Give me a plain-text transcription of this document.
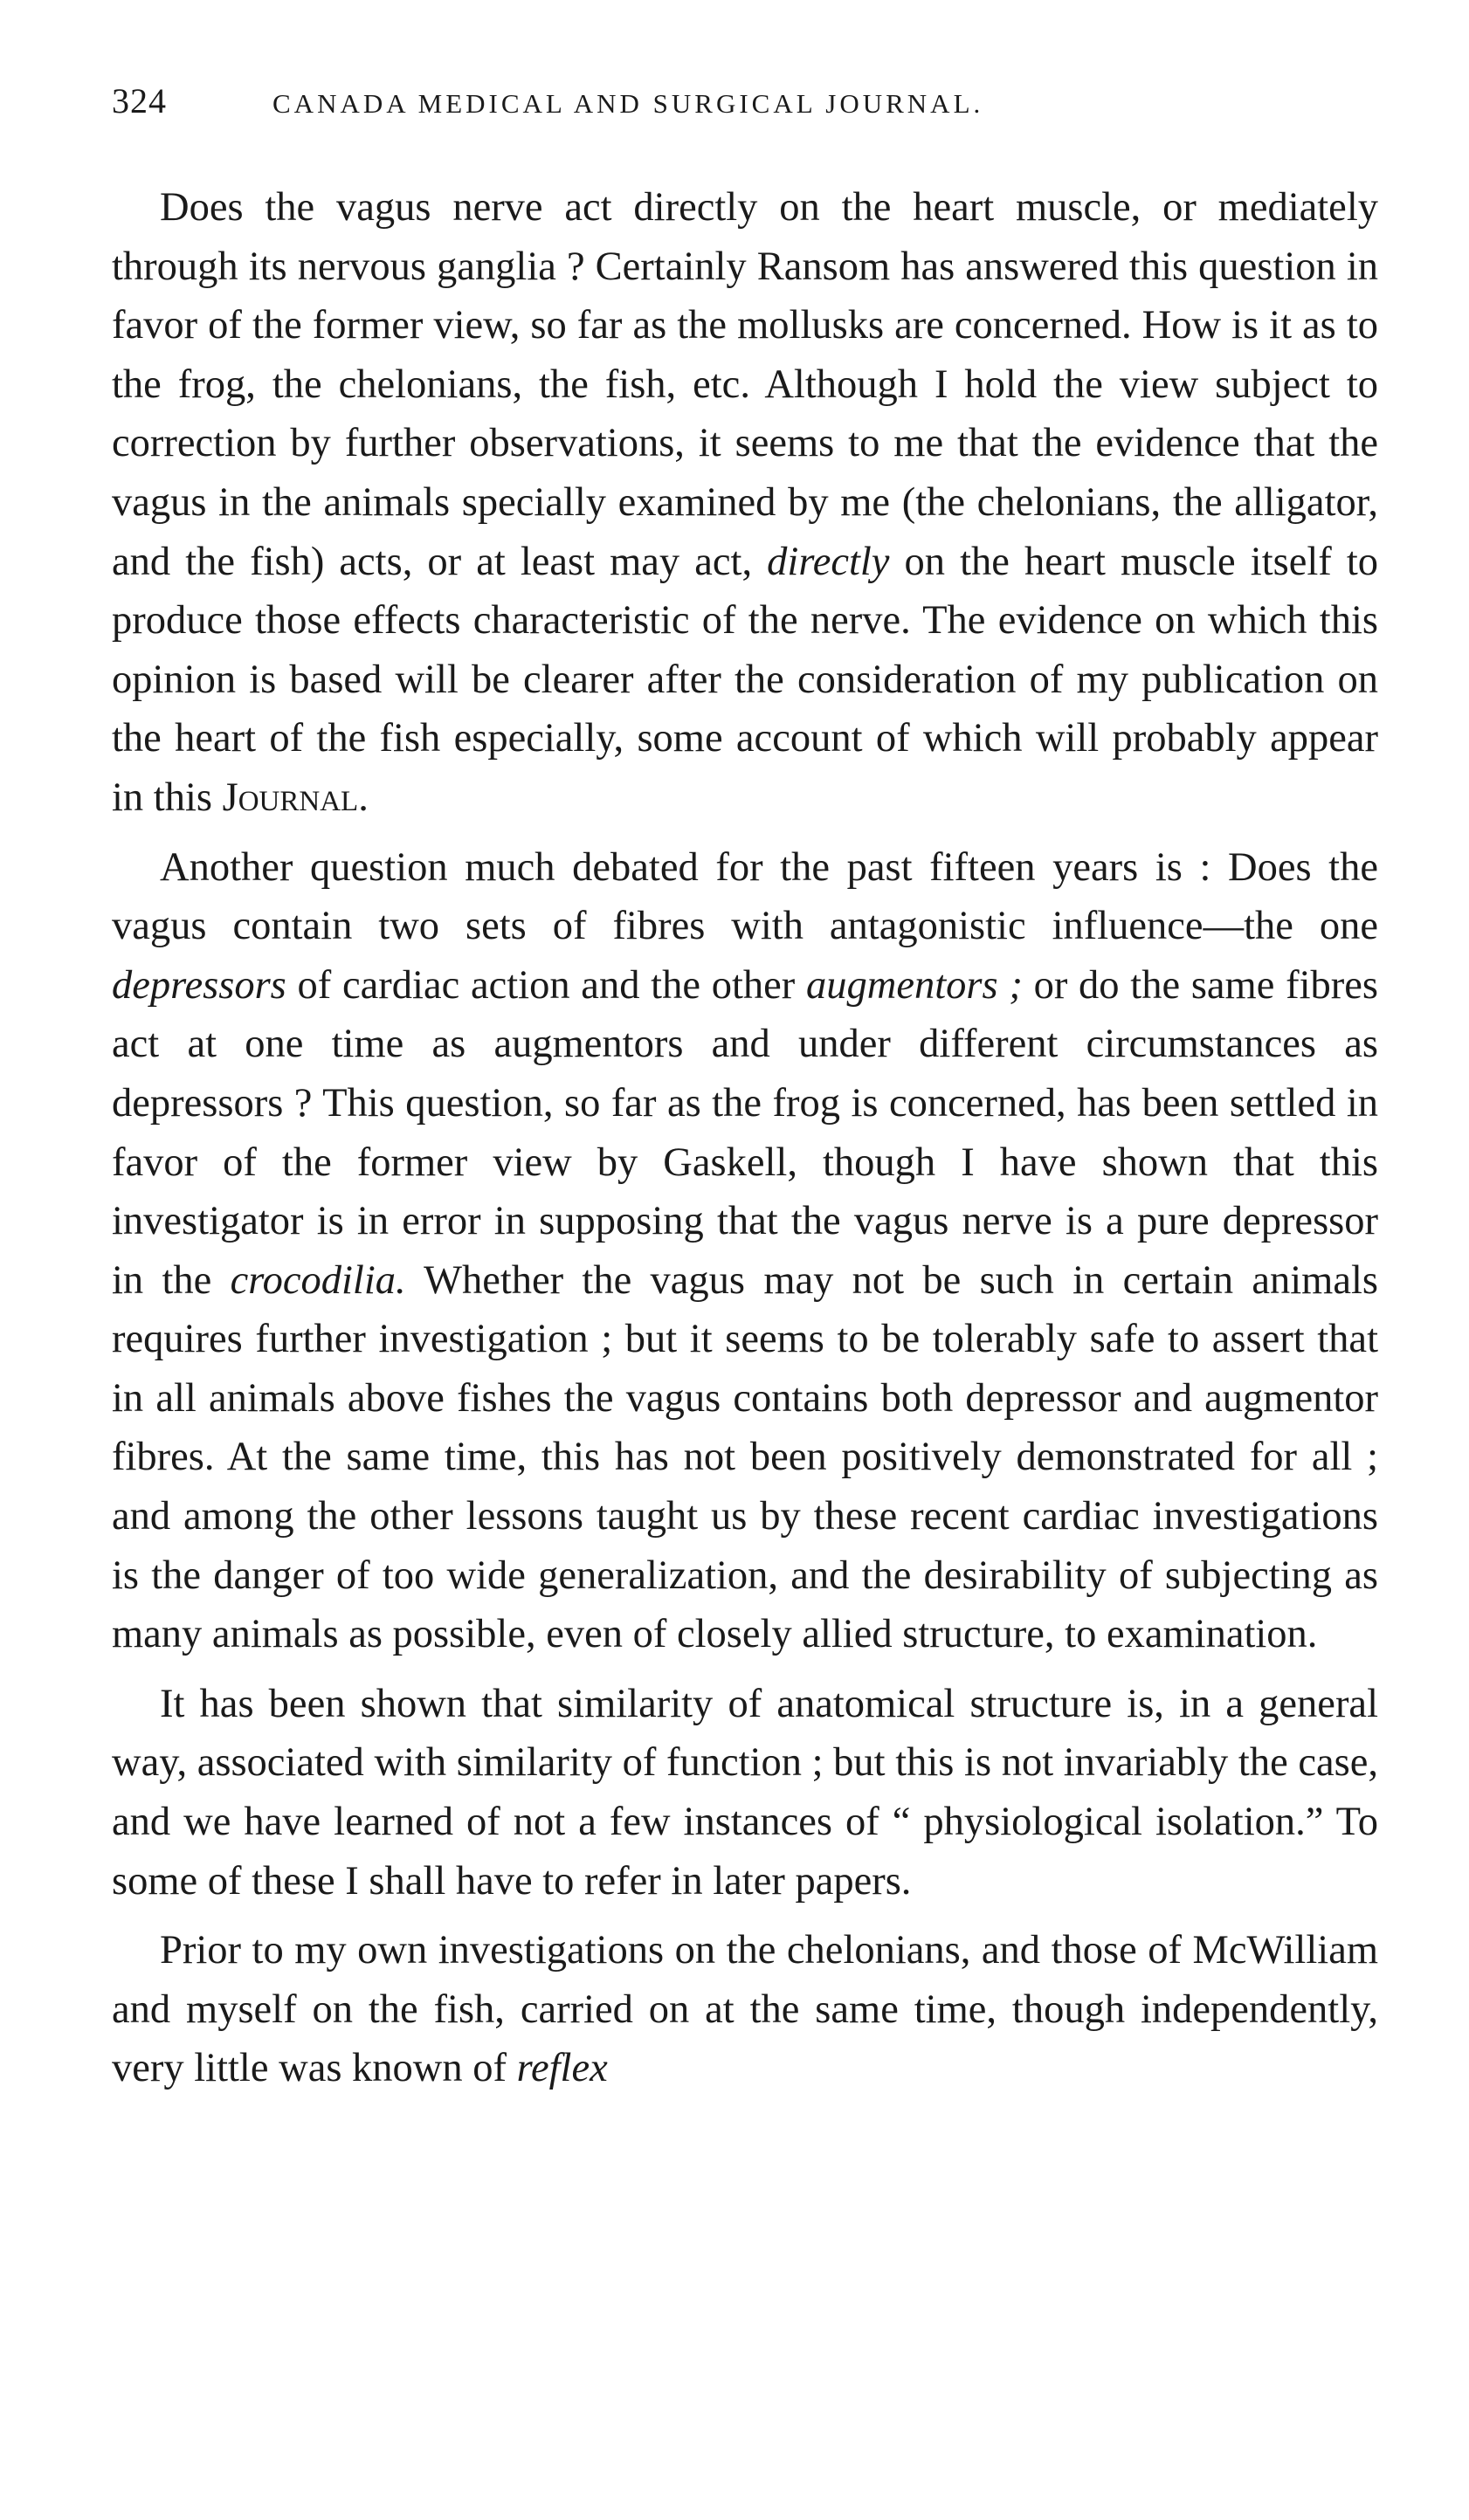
324	CANADA MEDICAL AND SURGICAL JOURNAL.

Does the vagus nerve act directly on the heart muscle, or mediately through its nervous ganglia ? Certainly Ransom has answered this question in favor of the former view, so far as the mollusks are concerned. How is it as to the frog, the chelonians, the fish, etc. Although I hold the view subject to correction by further observations, it seems to me that the evidence that the vagus in the animals specially examined by me (the chelonians, the alligator, and the fish) acts, or at least may act, directly on the heart muscle itself to produce those effects characteristic of the nerve. The evidence on which this opinion is based will be clearer after the consideration of my publication on the heart of the fish especially, some account of which will probably appear in this Journal.

Another question much debated for the past fifteen years is : Does the vagus contain two sets of fibres with antagonistic influence—the one depressors of cardiac action and the other augmentors ; or do the same fibres act at one time as augmentors and under different circumstances as depressors ? This question, so far as the frog is concerned, has been settled in favor of the former view by Gaskell, though I have shown that this investigator is in error in supposing that the vagus nerve is a pure depressor in the crocodilia. Whether the vagus may not be such in certain animals requires further investigation ; but it seems to be tolerably safe to assert that in all animals above fishes the vagus contains both depressor and augmentor fibres. At the same time, this has not been positively demonstrated for all ; and among the other lessons taught us by these recent cardiac investigations is the danger of too wide generalization, and the desirability of subjecting as many animals as possible, even of closely allied structure, to examination.

It has been shown that similarity of anatomical structure is, in a general way, associated with similarity of function ; but this is not invariably the case, and we have learned of not a few instances of “ physiological isolation.” To some of these I shall have to refer in later papers.

Prior to my own investigations on the chelonians, and those of McWilliam and myself on the fish, carried on at the same time, though independently, very little was known of reflex
